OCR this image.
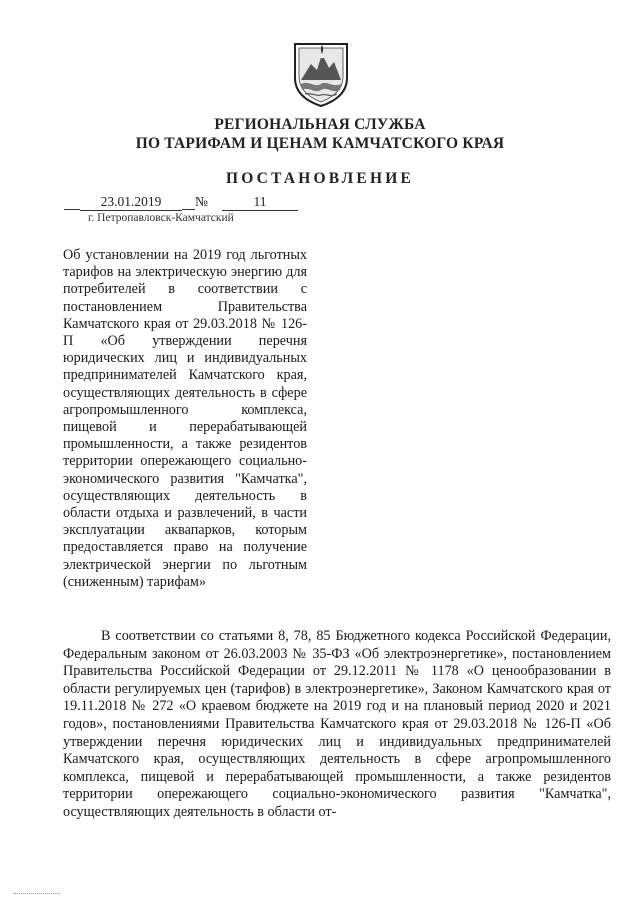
РЕГИОНАЛЬНАЯ СЛУЖБА
ПО ТАРИФАМ И ЦЕНАМ КАМЧАТСКОГО КРАЯ
ПОСТАНОВЛЕНИЕ
23.01.2019	№	11
г. Петропавловск-Камчатский
Об установлении на 2019 год льготных тарифов на электрическую энергию для потребителей в соответствии с постановлением Правительства Камчатского края от 29.03.2018 № 126-П «Об утверждении перечня юридических лиц и индивидуальных предпринимателей Камчатского края, осуществляющих деятельность в сфере агропромышленного комплекса, пищевой и перерабатывающей промышленности, а также резидентов территории опережающего социально-экономического развития "Камчатка", осуществляющих деятельность в области отдыха и развлечений, в части эксплуатации аквапарков, которым предоставляется право на получение электрической энергии по льготным (сниженным) тарифам»
В соответствии со статьями 8, 78, 85 Бюджетного кодекса Российской Федерации, Федеральным законом от 26.03.2003 № 35-ФЗ «Об электроэнергетике», постановлением Правительства Российской Федерации от 29.12.2011 № 1178 «О ценообразовании в области регулируемых цен (тарифов) в электроэнергетике», Законом Камчатского края от 19.11.2018 № 272 «О краевом бюджете на 2019 год и на плановый период 2020 и 2021 годов», постановлениями Правительства Камчатского края от 29.03.2018 № 126-П «Об утверждении перечня юридических лиц и индивидуальных предпринимателей Камчатского края, осуществляющих деятельность в сфере агропромышленного комплекса, пищевой и перерабатывающей промышленности, а также резидентов территории опережающего социально-экономического развития "Камчатка", осуществляющих деятельность в области от-
